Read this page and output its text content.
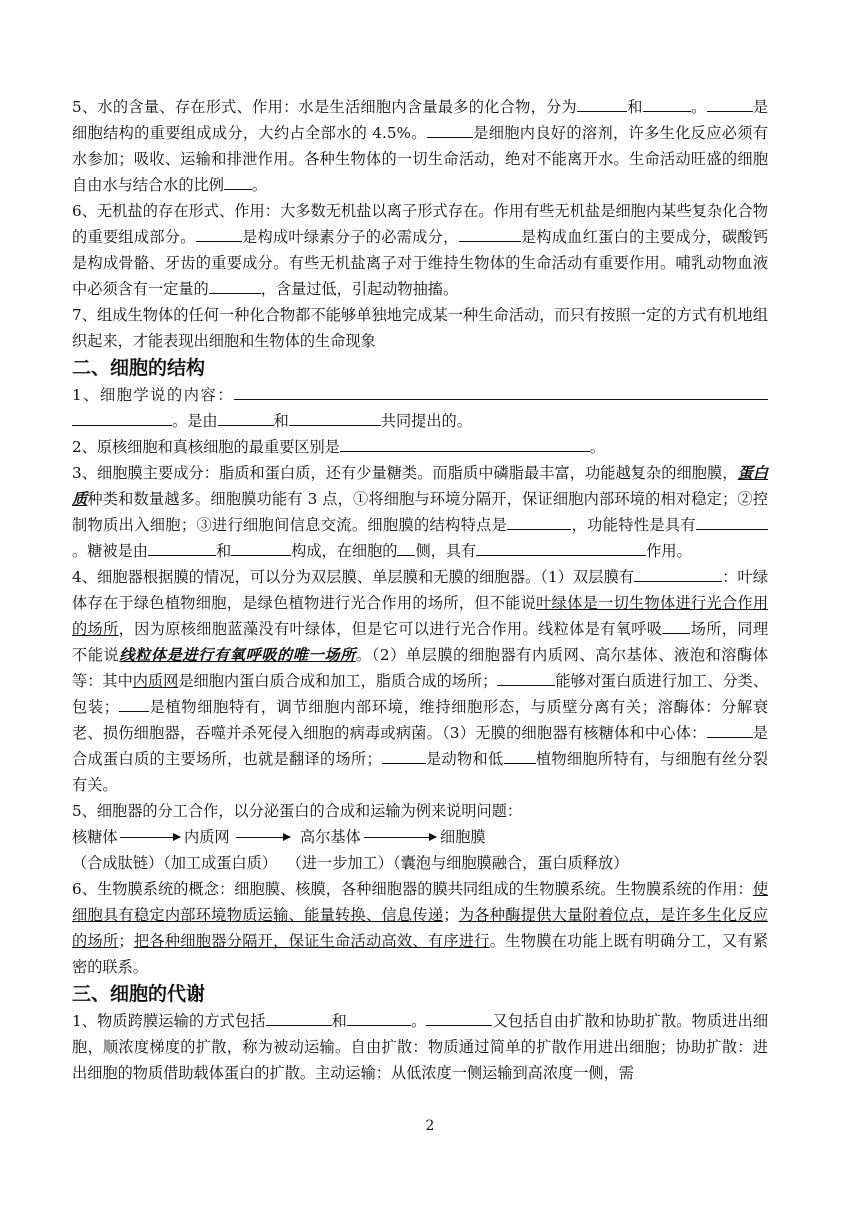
5、水的含量、存在形式、作用：水是生活细胞内含量最多的化合物，分为	和	。	是细胞结构的重要组成成分，大约占全部水的 4.5%。	是细胞内良好的溶剂，许多生化反应必须有水参加；吸收、运输和排泄作用。各种生物体的一切生命活动，绝对不能离开水。生命活动旺盛的细胞自由水与结合水的比例 。

6、无机盐的存在形式、作用：大多数无机盐以离子形式存在。作用有些无机盐是细胞内某些复杂化合物的重要组成部分。	是构成叶绿素分子的必需成分，	是构成血红蛋白的主要成分，碳酸钙是构成骨骼、牙齿的重要成分。有些无机盐离子对于维持生物体的生命活动有重要作用。哺乳动物血液中必须含有一定量的	，含量过低，引起动物抽搐。

7、组成生物体的任何一种化合物都不能够单独地完成某一种生命活动，而只有按照一定的方式有机地组织起来，才能表现出细胞和生物体的生命现象

二、细胞的结构

1、细胞学说的内容：。是由	和	共同提出的。

2、原核细胞和真核细胞的最重要区别是	。

3、细胞膜主要成分：脂质和蛋白质，还有少量糖类。而脂质中磷脂最丰富，功能越复杂的细胞膜，蛋白质种类和数量越多。细胞膜功能有 3 点，①将细胞与环境分隔开，保证细胞内部环境的相对稳定；②控制物质出入细胞；③进行细胞间信息交流。细胞膜的结构特点是	，功能特性是具有。糖被是由	和	构成，在细胞的 侧，具有	作用。

4、细胞器根据膜的情况，可以分为双层膜、单层膜和无膜的细胞器。（1）双层膜有	：叶绿体存在于绿色植物细胞，是绿色植物进行光合作用的场所，但不能说叶绿体是一切生物体进行光合作用的场所，因为原核细胞蓝藻没有叶绿体，但是它可以进行光合作用。线粒体是有氧呼吸 场所，同理不能说线粒体是进行有氧呼吸的唯一场所。（2）单层膜的细胞器有内质网、高尔基体、液泡和溶酶体等：其中内质网是细胞内蛋白质合成和加工，脂质合成的场所；	能够对蛋白质进行加工、分类、包装； 是植物细胞特有，调节细胞内部环境，维持细胞形态，与质壁分离有关；溶酶体：分解衰老、损伤细胞器，吞噬并杀死侵入细胞的病毒或病菌。（3）无膜的细胞器有核糖体和中心体：	是合成蛋白质的主要场所，也就是翻译的场所；	是动物和低 植物细胞所特有，与细胞有丝分裂有关。

5、细胞器的分工合作，以分泌蛋白的合成和运输为例来说明问题：

核糖体	内质网	高尔基体	细胞膜

（合成肽链）（加工成蛋白质）  （进一步加工）（囊泡与细胞膜融合，蛋白质释放）

6、生物膜系统的概念：细胞膜、核膜，各种细胞器的膜共同组成的生物膜系统。生物膜系统的作用：使细胞具有稳定内部环境物质运输、能量转换、信息传递；为各种酶提供大量附着位点，是许多生化反应的场所；把各种细胞器分隔开，保证生命活动高效、有序进行。生物膜在功能上既有明确分工，又有紧密的联系。

三、细胞的代谢

1、物质跨膜运输的方式包括	和	。	又包括自由扩散和协助扩散。物质进出细胞，顺浓度梯度的扩散，称为被动运输。自由扩散：物质通过简单的扩散作用进出细胞；协助扩散：进出细胞的物质借助载体蛋白的扩散。主动运输：从低浓度一侧运输到高浓度一侧，需

2
